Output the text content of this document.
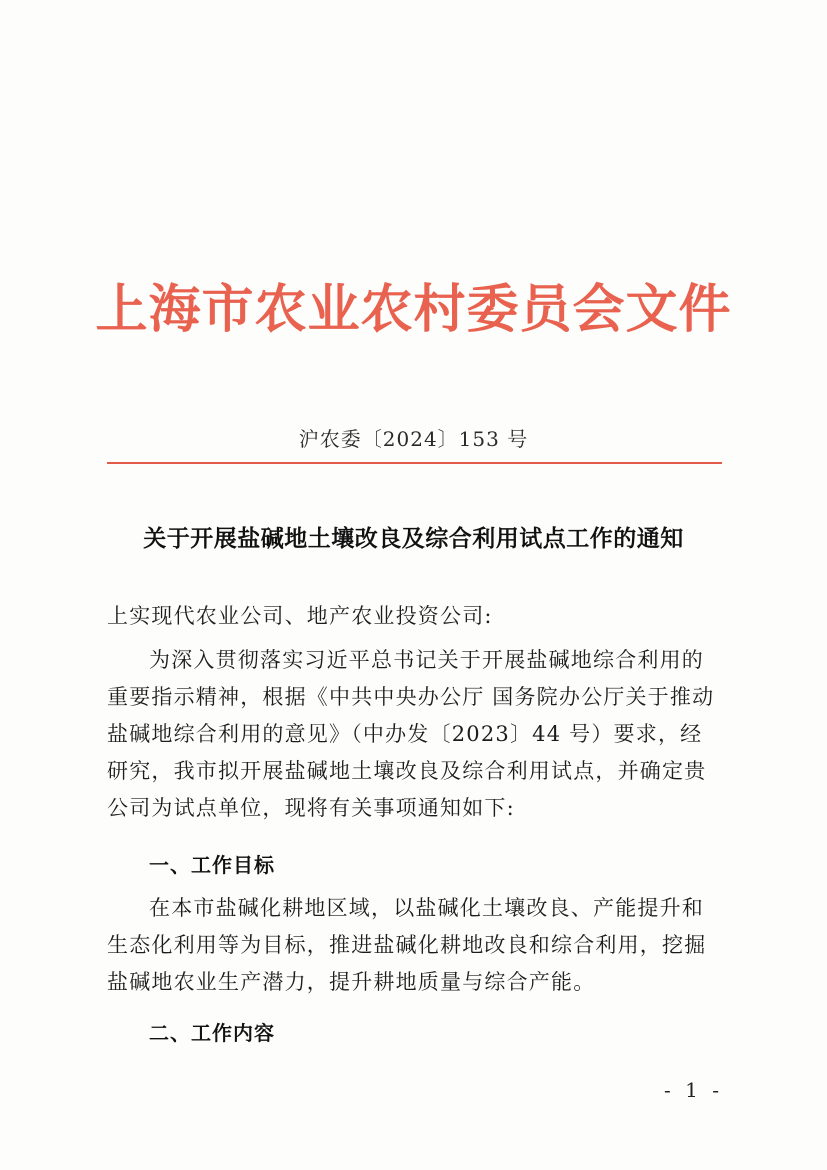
上海市农业农村委员会文件
沪农委〔2024〕153 号
关于开展盐碱地土壤改良及综合利用试点工作的通知
上实现代农业公司、地产农业投资公司:
为深入贯彻落实习近平总书记关于开展盐碱地综合利用的重要指示精神，根据《中共中央办公厅 国务院办公厅关于推动盐碱地综合利用的意见》（中办发〔2023〕44 号）要求，经研究，我市拟开展盐碱地土壤改良及综合利用试点，并确定贵公司为试点单位，现将有关事项通知如下:
一、工作目标
在本市盐碱化耕地区域，以盐碱化土壤改良、产能提升和生态化利用等为目标，推进盐碱化耕地改良和综合利用，挖掘盐碱地农业生产潜力，提升耕地质量与综合产能。
二、工作内容
- 1 -
